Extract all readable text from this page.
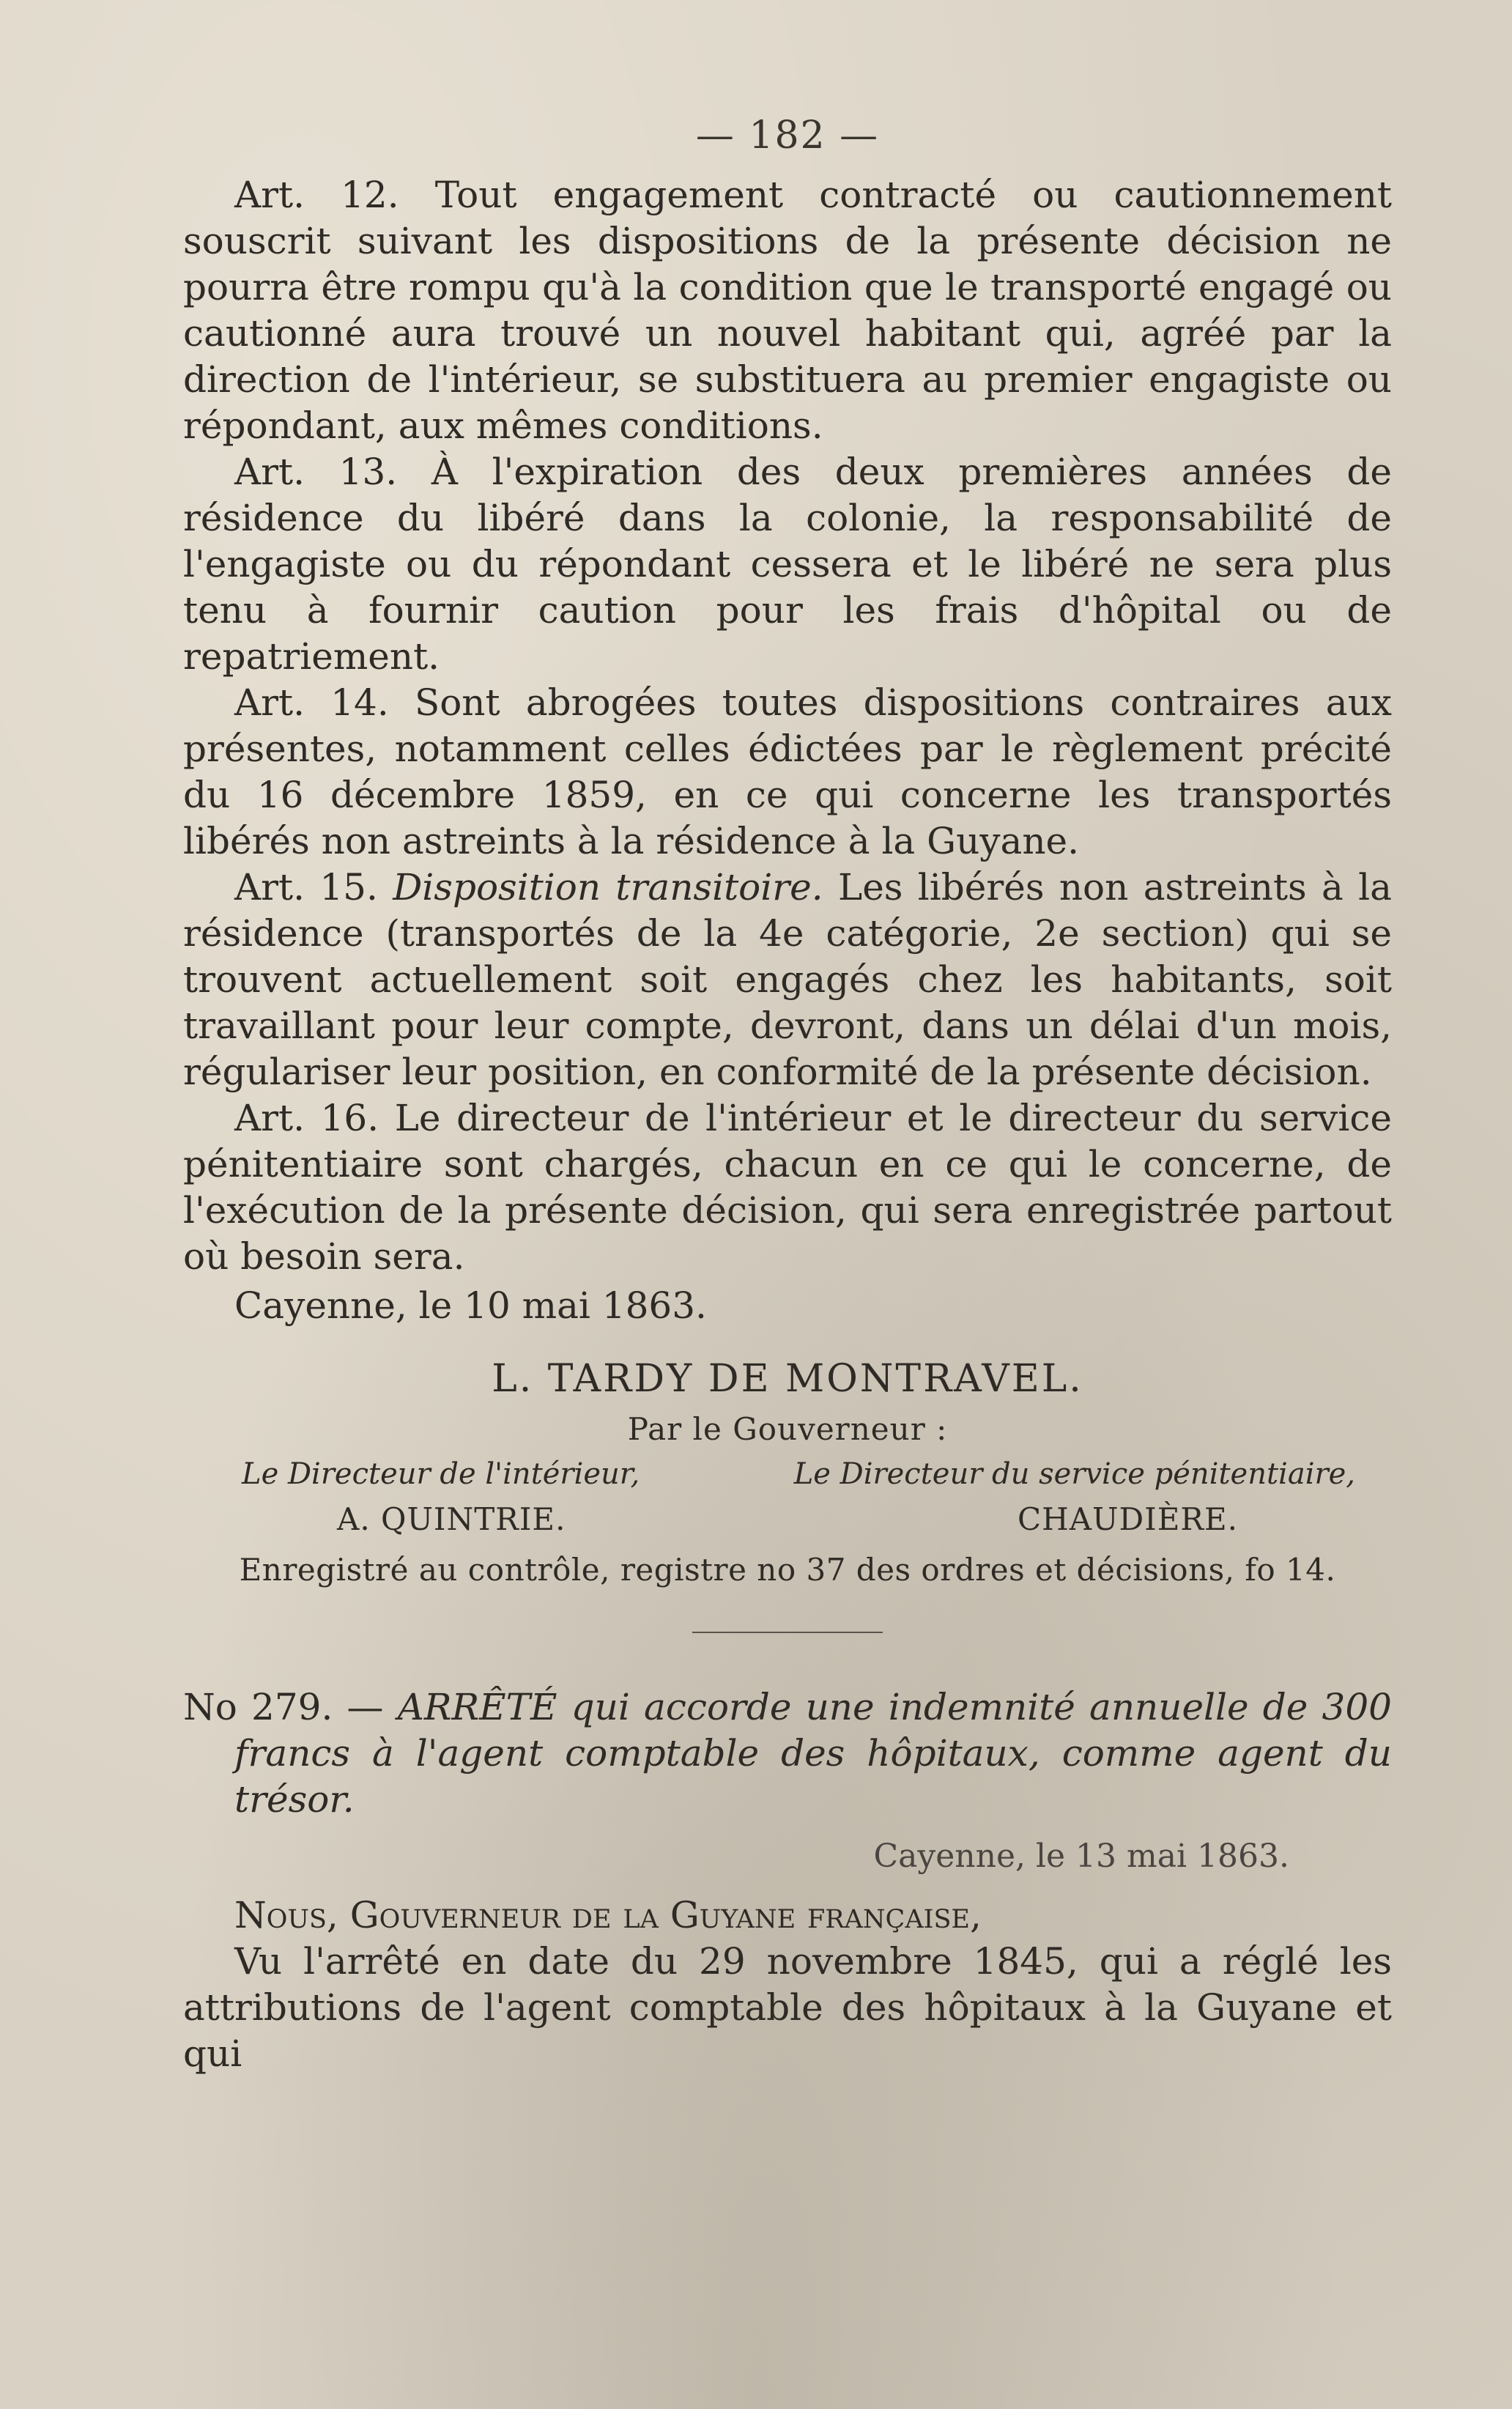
— 182 —

Art. 12. Tout engagement contracté ou cautionnement souscrit suivant les dispositions de la présente décision ne pourra être rompu qu'à la condition que le transporté engagé ou cautionné aura trouvé un nouvel habitant qui, agréé par la direction de l'intérieur, se substituera au premier engagiste ou répondant, aux mêmes conditions.

Art. 13. À l'expiration des deux premières années de résidence du libéré dans la colonie, la responsabilité de l'engagiste ou du répondant cessera et le libéré ne sera plus tenu à fournir caution pour les frais d'hôpital ou de repatriement.

Art. 14. Sont abrogées toutes dispositions contraires aux présentes, notamment celles édictées par le règlement précité du 16 décembre 1859, en ce qui concerne les transportés libérés non astreints à la résidence à la Guyane.

Art. 15. Disposition transitoire. Les libérés non astreints à la résidence (transportés de la 4e catégorie, 2e section) qui se trouvent actuellement soit engagés chez les habitants, soit travaillant pour leur compte, devront, dans un délai d'un mois, régulariser leur position, en conformité de la présente décision.

Art. 16. Le directeur de l'intérieur et le directeur du service pénitentiaire sont chargés, chacun en ce qui le concerne, de l'exécution de la présente décision, qui sera enregistrée partout où besoin sera.

Cayenne, le 10 mai 1863.

L. TARDY DE MONTRAVEL.
Par le Gouverneur :
Le Directeur de l'intérieur,	Le Directeur du service pénitentiaire,
A. QUINTRIE.	CHAUDIÈRE.

Enregistré au contrôle, registre no 37 des ordres et décisions, fo 14.

No 279. — ARRÊTÉ qui accorde une indemnité annuelle de 300 francs à l'agent comptable des hôpitaux, comme agent du trésor.

Cayenne, le 13 mai 1863.

Nous, Gouverneur de la Guyane française,

Vu l'arrêté en date du 29 novembre 1845, qui a réglé les attributions de l'agent comptable des hôpitaux à la Guyane et qui
